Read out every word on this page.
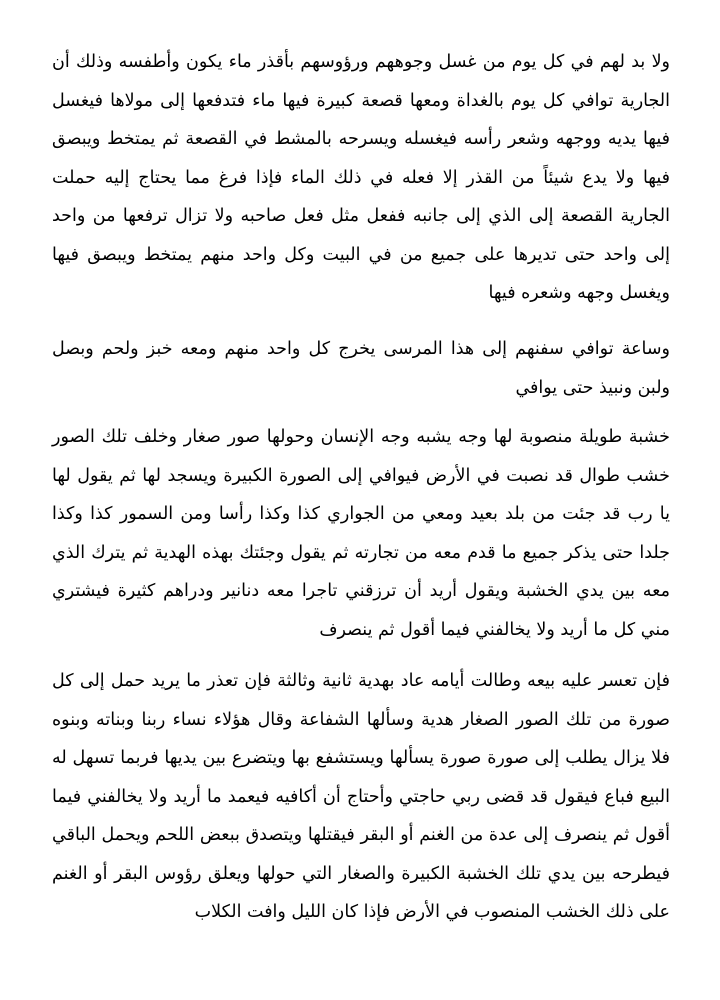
ولا بد لهم في كل يوم من غسل وجوههم ورؤوسهم بأقذر ماء يكون وأطفسه وذلك أن الجارية توافي كل يوم بالغداة ومعها قصعة كبيرة فيها ماء فتدفعها إلى مولاها فيغسل فيها يديه ووجهه وشعر رأسه فيغسله ويسرحه بالمشط في القصعة ثم يمتخط ويبصق فيها ولا يدع شيئاً من القذر إلا فعله في ذلك الماء فإذا فرغ مما يحتاج إليه حملت الجارية القصعة إلى الذي إلى جانبه ففعل مثل فعل صاحبه ولا تزال ترفعها من واحد إلى واحد حتى تديرها على جميع من في البيت وكل واحد منهم يمتخط ويبصق فيها ويغسل وجهه وشعره فيها

وساعة توافي سفنهم إلى هذا المرسى يخرج كل واحد منهم ومعه خبز ولحم وبصل ولبن ونبيذ حتى يوافي

خشبة طويلة منصوبة لها وجه يشبه وجه الإنسان وحولها صور صغار وخلف تلك الصور خشب طوال قد نصبت في الأرض فيوافي إلى الصورة الكبيرة ويسجد لها ثم يقول لها يا رب قد جئت من بلد بعيد ومعي من الجواري كذا وكذا رأسا ومن السمور كذا وكذا جلدا حتى يذكر جميع ما قدم معه من تجارته ثم يقول وجئتك بهذه الهدية ثم يترك الذي معه بين يدي الخشبة ويقول أريد أن ترزقني تاجرا معه دنانير ودراهم كثيرة فيشتري مني كل ما أريد ولا يخالفني فيما أقول ثم ينصرف

فإن تعسر عليه بيعه وطالت أيامه عاد بهدية ثانية وثالثة فإن تعذر ما يريد حمل إلى كل صورة من تلك الصور الصغار هدية وسألها الشفاعة وقال هؤلاء نساء ربنا وبناته وبنوه فلا يزال يطلب إلى صورة صورة يسألها ويستشفع بها ويتضرع بين يديها فربما تسهل له البيع فباع فيقول قد قضى ربي حاجتي وأحتاج أن أكافيه فيعمد ما أريد ولا يخالفني فيما أقول ثم ينصرف إلى عدة من الغنم أو البقر فيقتلها ويتصدق ببعض اللحم ويحمل الباقي فيطرحه بين يدي تلك الخشبة الكبيرة والصغار التي حولها ويعلق رؤوس البقر أو الغنم على ذلك الخشب المنصوب في الأرض فإذا كان الليل وافت الكلاب
